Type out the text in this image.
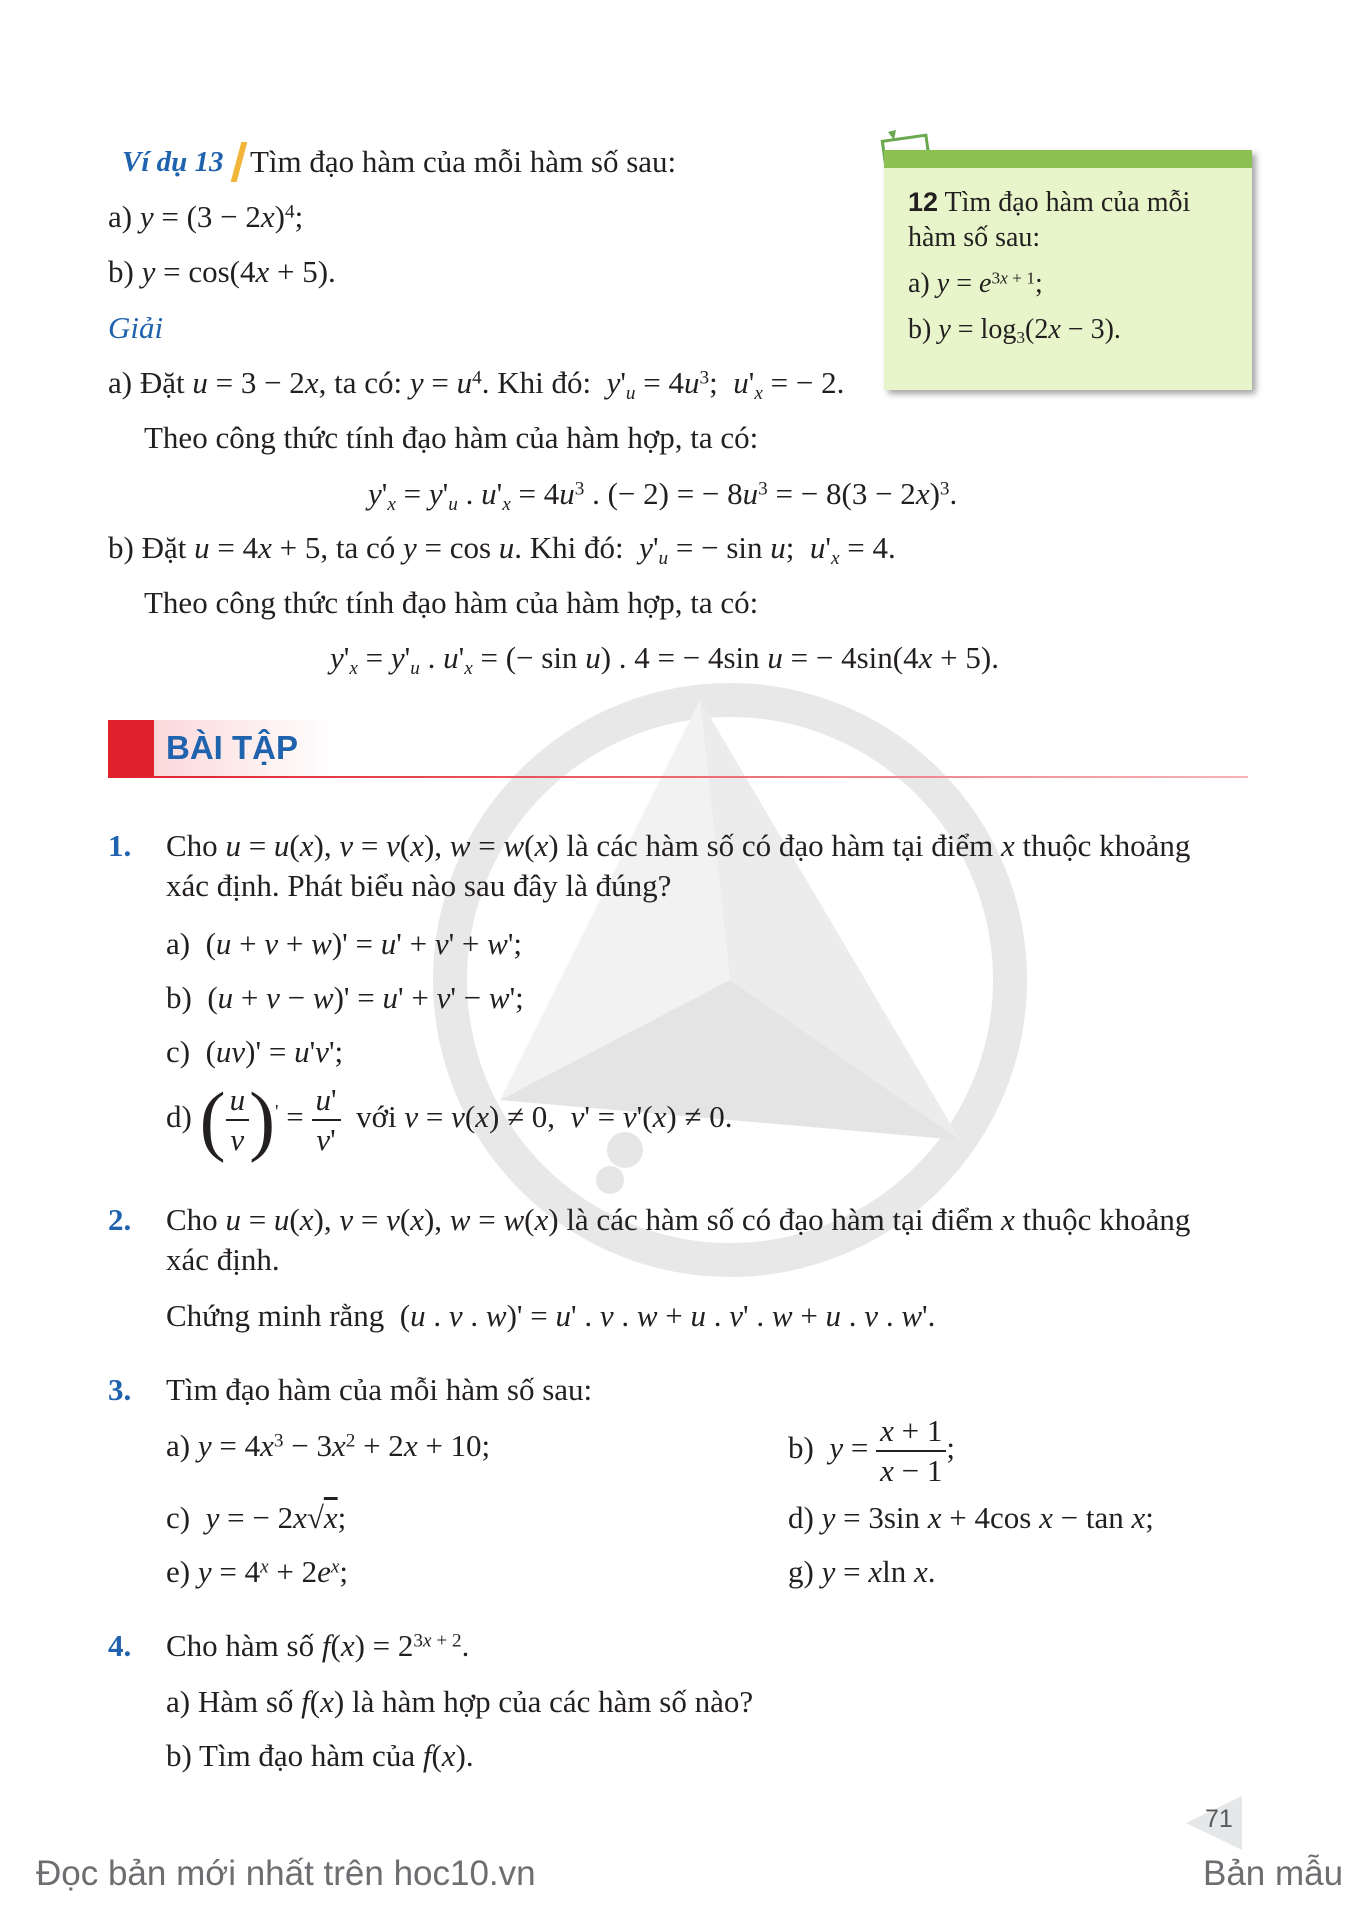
Ví dụ 13 Tìm đạo hàm của mỗi hàm số sau:
a) $y = (3 - 2x)^4$;
b) y = cos(4x + 5).
Giải
a) Đặt u = 3 − 2x, ta có: $y = u^4$. Khi đó:  $y'_u = 4u^3$;  $u'_x$ = − 2.
Theo công thức tính đạo hàm của hàm hợp, ta có:
$y'_x = y'_u$ . $u'_x = 4u^3$ . (− 2) = − $8u^3$ = − $8(3 - 2x)^3$.
b) Đặt u = 4x + 5, ta có y = cos u. Khi đó:  $y'_u$ = − sin u;  $u'_x = 4$.
Theo công thức tính đạo hàm của hàm hợp, ta có:
$y'_x = y'_u$ . $u'_x$ = (− sin u) . 4 = − 4sin u = − 4sin(4x + 5).
12 Tìm đạo hàm của mỗi
hàm số sau:
a) $y = e^{3x + 1}$;
b) $y = \log_3(2x - 3)$.
BÀI TẬP
1. Cho u = u(x), v = v(x), w = w(x) là các hàm số có đạo hàm tại điểm x thuộc khoảng
xác định. Phát biểu nào sau đây là đúng?
a)  (u + v + w)' = u' + v' + w';
b)  (u + v − w)' = u' + v' − w';
c)  (uv)' = u'v';
d) ( $\frac{u}{v} )' = \frac{u'}{v'}$ với v = v(x) ≠ 0,  v' = v'(x) ≠ 0.
2. Cho u = u(x), v = v(x), w = w(x) là các hàm số có đạo hàm tại điểm x thuộc khoảng
xác định.
Chứng minh rằng  (u . v . w)' = u' . v . w + u . v' . w + u . v . w'.
3. Tìm đạo hàm của mỗi hàm số sau:
a) $y = 4x^3 - 3x^2 + 2x + 10$;	b)  $y = \frac{x + 1}{x - 1}$ ;
c)  y = − 2x√x;	d) y = 3sin x + 4cos x − tan x;
e) $y = 4^x + 2e^x$;	g) y = xln x.
4. Cho hàm số $f(x) = 2^{3x + 2}$.
a) Hàm số f(x) là hàm hợp của các hàm số nào?
b) Tìm đạo hàm của f(x).
71
Đọc bản mới nhất trên hoc10.vn	Bản mẫu
